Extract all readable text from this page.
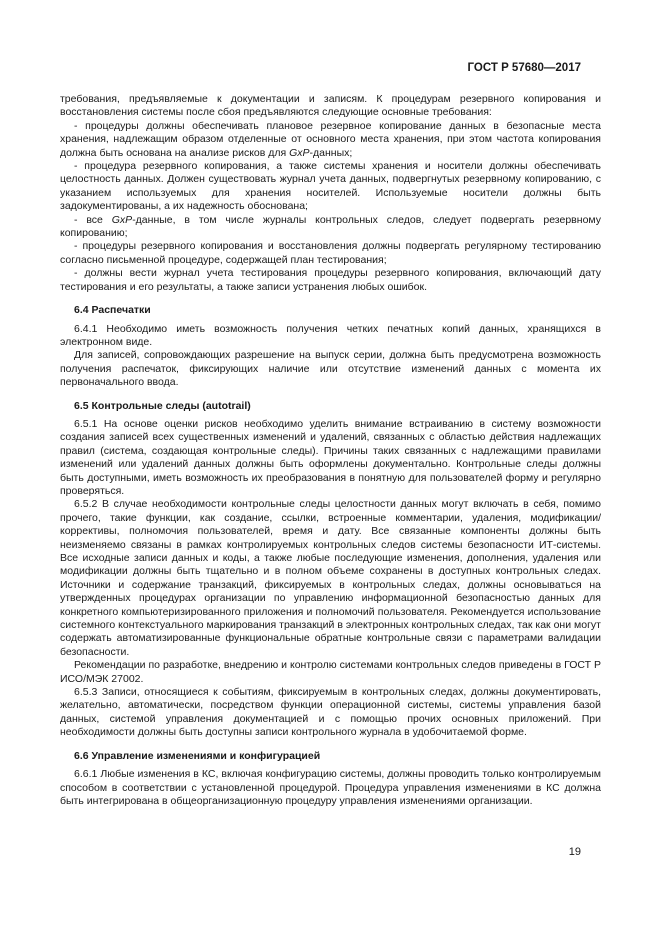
ГОСТ Р 57680—2017

требования, предъявляемые к документации и записям. К процедурам резервного копирования и восстановления системы после сбоя предъявляются следующие основные требования:

- процедуры должны обеспечивать плановое резервное копирование данных в безопасные места хранения, надлежащим образом отделенные от основного места хранения, при этом частота копирования должна быть основана на анализе рисков для GxP-данных;

- процедура резервного копирования, а также системы хранения и носители должны обеспечивать целостность данных. Должен существовать журнал учета данных, подвергнутых резервному копированию, с указанием используемых для хранения носителей. Используемые носители должны быть задокументированы, а их надежность обоснована;

- все GxP-данные, в том числе журналы контрольных следов, следует подвергать резервному копированию;

- процедуры резервного копирования и восстановления должны подвергать регулярному тестированию согласно письменной процедуре, содержащей план тестирования;

- должны вести журнал учета тестирования процедуры резервного копирования, включающий дату тестирования и его результаты, а также записи устранения любых ошибок.

6.4 Распечатки

6.4.1 Необходимо иметь возможность получения четких печатных копий данных, хранящихся в электронном виде.

Для записей, сопровождающих разрешение на выпуск серии, должна быть предусмотрена возможность получения распечаток, фиксирующих наличие или отсутствие изменений данных с момента их первоначального ввода.

6.5 Контрольные следы (autotrail)

6.5.1 На основе оценки рисков необходимо уделить внимание встраиванию в систему возможности создания записей всех существенных изменений и удалений, связанных с областью действия надлежащих правил (система, создающая контрольные следы). Причины таких связанных с надлежащими правилами изменений или удалений данных должны быть оформлены документально. Контрольные следы должны быть доступными, иметь возможность их преобразования в понятную для пользователей форму и регулярно проверяться.

6.5.2 В случае необходимости контрольные следы целостности данных могут включать в себя, помимо прочего, такие функции, как создание, ссылки, встроенные комментарии, удаления, модификации/коррективы, полномочия пользователей, время и дату. Все связанные компоненты должны быть неизменяемо связаны в рамках контролируемых контрольных следов системы безопасности ИТ-системы. Все исходные записи данных и коды, а также любые последующие изменения, дополнения, удаления или модификации должны быть тщательно и в полном объеме сохранены в доступных контрольных следах. Источники и содержание транзакций, фиксируемых в контрольных следах, должны основываться на утвержденных процедурах организации по управлению информационной безопасностью данных для конкретного компьютеризированного приложения и полномочий пользователя. Рекомендуется использование системного контекстуального маркирования транзакций в электронных контрольных следах, так как они могут содержать автоматизированные функциональные обратные контрольные связи с параметрами валидации безопасности.

Рекомендации по разработке, внедрению и контролю системами контрольных следов приведены в ГОСТ Р ИСО/МЭК 27002.

6.5.3 Записи, относящиеся к событиям, фиксируемым в контрольных следах, должны документировать, желательно, автоматически, посредством функции операционной системы, системы управления базой данных, системой управления документацией и с помощью прочих основных приложений. При необходимости должны быть доступны записи контрольного журнала в удобочитаемой форме.

6.6 Управление изменениями и конфигурацией

6.6.1 Любые изменения в КС, включая конфигурацию системы, должны проводить только контролируемым способом в соответствии с установленной процедурой. Процедура управления изменениями в КС должна быть интегрирована в общеорганизационную процедуру управления изменениями организации.

19
